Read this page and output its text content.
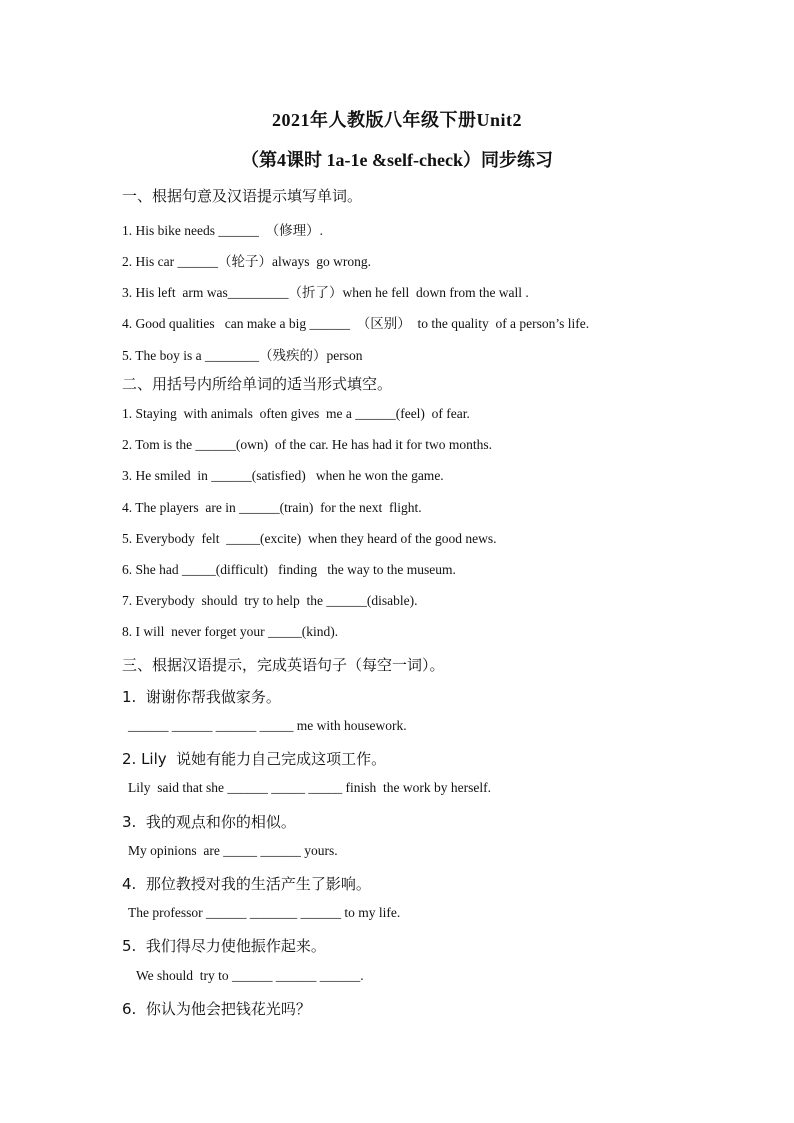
2021年人教版八年级下册Unit2
（第4课时 1a-1e &self-check）同步练习
一、根据句意及汉语提示填写单词。
1. His bike needs ______  （修理）.
2. His car ______（轮子）always  go wrong.
3. His left  arm was_________（折了）when he fell  down from the wall .
4. Good qualities   can make a big ______  （区别）  to the quality  of a person’s life.
5. The boy is a ________（残疾的）person
二、用括号内所给单词的适当形式填空。
1. Staying  with animals  often gives  me a ______(feel)  of fear.
2. Tom is the ______(own)  of the car. He has had it for two months.
3. He smiled  in ______(satisfied)   when he won the game.
4. The players  are in ______(train)  for the next  flight.
5. Everybody  felt  _____(excite)  when they heard of the good news.
6. She had _____(difficult)   finding   the way to the museum.
7. Everybody  should  try to help  the ______(disable).
8. I will  never forget your _____(kind).
三、根据汉语提示，完成英语句子（每空一词）。
1.  谢谢你帮我做家务。
______ ______ ______ _____ me with housework.
2. Lily  说她有能力自己完成这项工作。
Lily  said that she ______ _____ _____ finish  the work by herself.
3.  我的观点和你的相似。
My opinions  are _____ ______ yours.
4.  那位教授对我的生活产生了影响。
The professor ______ _______ ______ to my life.
5.  我们得尽力使他振作起来。
We should  try to ______ ______ ______.
6.  你认为他会把钱花光吗？
